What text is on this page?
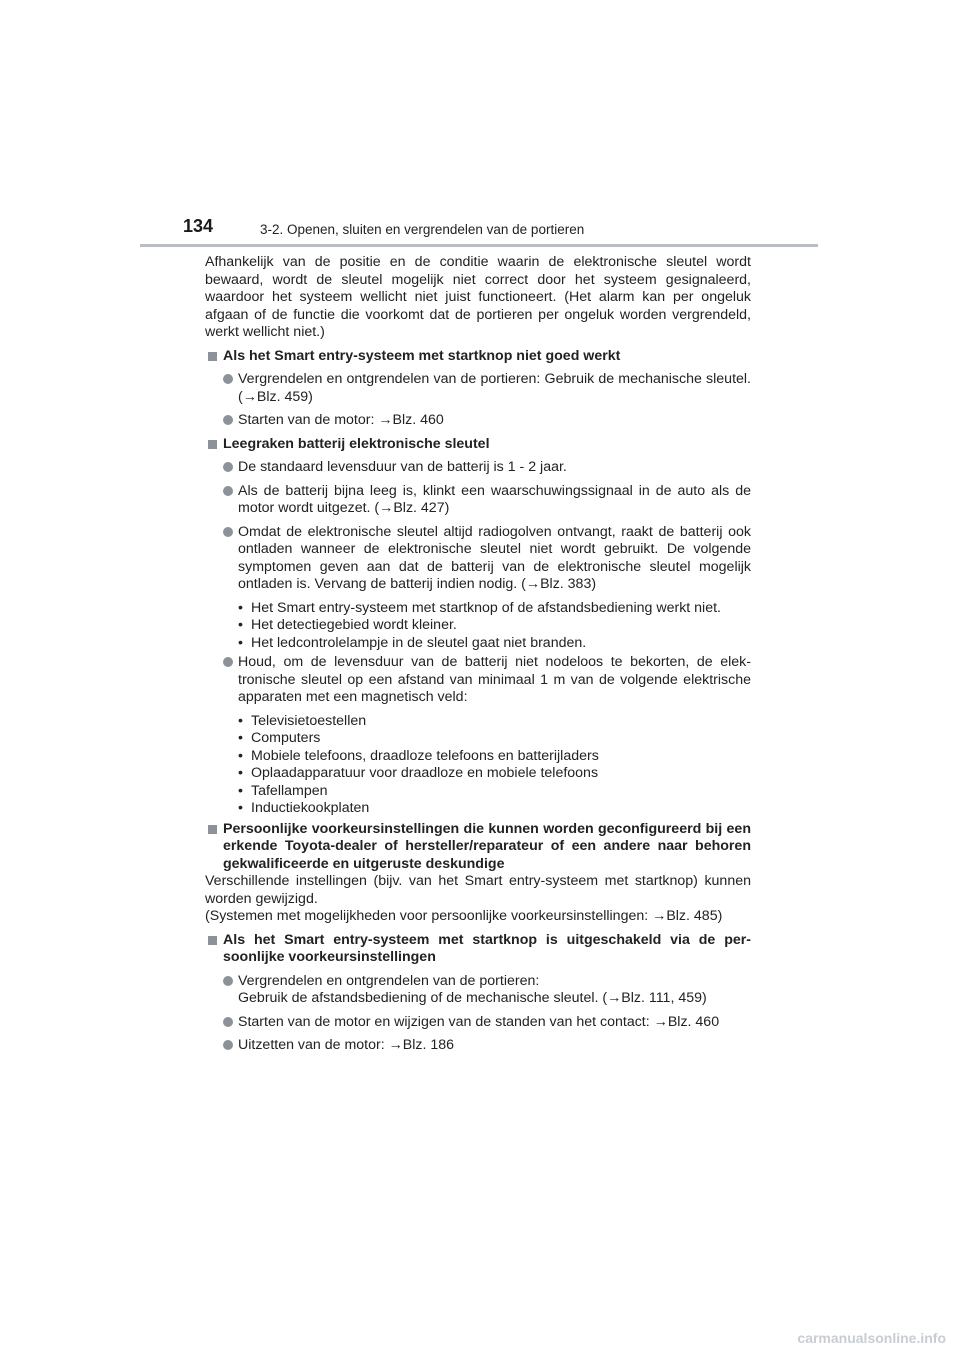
134	3-2. Openen, sluiten en vergrendelen van de portieren

Afhankelijk van de positie en de conditie waarin de elektronische sleutel wordt bewaard, wordt de sleutel mogelijk niet correct door het systeem gesignaleerd, waardoor het systeem wellicht niet juist functioneert. (Het alarm kan per ongeluk afgaan of de functie die voorkomt dat de portieren per ongeluk worden vergrendeld, werkt wellicht niet.)

Als het Smart entry-systeem met startknop niet goed werkt
Vergrendelen en ontgrendelen van de portieren: Gebruik de mechanische sleutel. (→Blz. 459)
Starten van de motor: →Blz. 460
Leegraken batterij elektronische sleutel
De standaard levensduur van de batterij is 1 - 2 jaar.
Als de batterij bijna leeg is, klinkt een waarschuwingssignaal in de auto als de motor wordt uitgezet. (→Blz. 427)
Omdat de elektronische sleutel altijd radiogolven ontvangt, raakt de batterij ook ontladen wanneer de elektronische sleutel niet wordt gebruikt. De volgende symptomen geven aan dat de batterij van de elektronische sleutel mogelijk ontladen is. Vervang de batterij indien nodig. (→Blz. 383)
• Het Smart entry-systeem met startknop of de afstandsbediening werkt niet.
• Het detectiegebied wordt kleiner.
• Het ledcontrolelampje in de sleutel gaat niet branden.
Houd, om de levensduur van de batterij niet nodeloos te bekorten, de elektronische sleutel op een afstand van minimaal 1 m van de volgende elektrische apparaten met een magnetisch veld:
• Televisietoestellen
• Computers
• Mobiele telefoons, draadloze telefoons en batterijladers
• Oplaadapparatuur voor draadloze en mobiele telefoons
• Tafellampen
• Inductiekookplaten
Persoonlijke voorkeursinstellingen die kunnen worden geconfigureerd bij een erkende Toyota-dealer of hersteller/reparateur of een andere naar behoren gekwalificeerde en uitgeruste deskundige

Verschillende instellingen (bijv. van het Smart entry-systeem met startknop) kunnen worden gewijzigd.

(Systemen met mogelijkheden voor persoonlijke voorkeursinstellingen: →Blz. 485)

Als het Smart entry-systeem met startknop is uitgeschakeld via de persoonlijke voorkeursinstellingen
Vergrendelen en ontgrendelen van de portieren:
Gebruik de afstandsbediening of de mechanische sleutel. (→Blz. 111, 459)
Starten van de motor en wijzigen van de standen van het contact: →Blz. 460
Uitzetten van de motor: →Blz. 186
carmanualsonline.info
